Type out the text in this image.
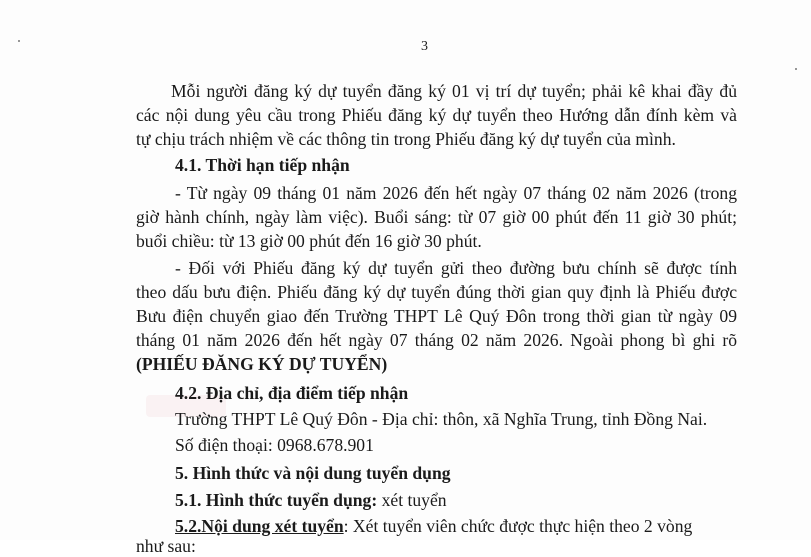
3
Mỗi người đăng ký dự tuyển đăng ký 01 vị trí dự tuyển; phải kê khai đầy đủ
các nội dung yêu cầu trong Phiếu đăng ký dự tuyển theo Hướng dẫn đính kèm và
tự chịu trách nhiệm về các thông tin trong Phiếu đăng ký dự tuyển của mình.
4.1. Thời hạn tiếp nhận
- Từ ngày 09 tháng 01 năm 2026 đến hết ngày 07 tháng 02 năm 2026 (trong
giờ hành chính, ngày làm việc). Buổi sáng: từ 07 giờ 00 phút đến 11 giờ 30 phút;
buổi chiều: từ 13 giờ 00 phút đến 16 giờ 30 phút.
- Đối với Phiếu đăng ký dự tuyển gửi theo đường bưu chính sẽ được tính
theo dấu bưu điện. Phiếu đăng ký dự tuyển đúng thời gian quy định là Phiếu được
Bưu điện chuyển giao đến Trường THPT Lê Quý Đôn trong thời gian từ ngày 09
tháng 01 năm 2026 đến hết ngày 07 tháng 02 năm 2026. Ngoài phong bì ghi rõ
(PHIẾU ĐĂNG KÝ DỰ TUYỂN)
4.2. Địa chỉ, địa điểm tiếp nhận
Trường THPT Lê Quý Đôn - Địa chỉ: thôn, xã Nghĩa Trung, tỉnh Đồng Nai.
Số điện thoại: 0968.678.901
5. Hình thức và nội dung tuyển dụng
5.1. Hình thức tuyển dụng: xét tuyển
5.2.Nội dung xét tuyển: Xét tuyển viên chức được thực hiện theo 2 vòng
như sau:
